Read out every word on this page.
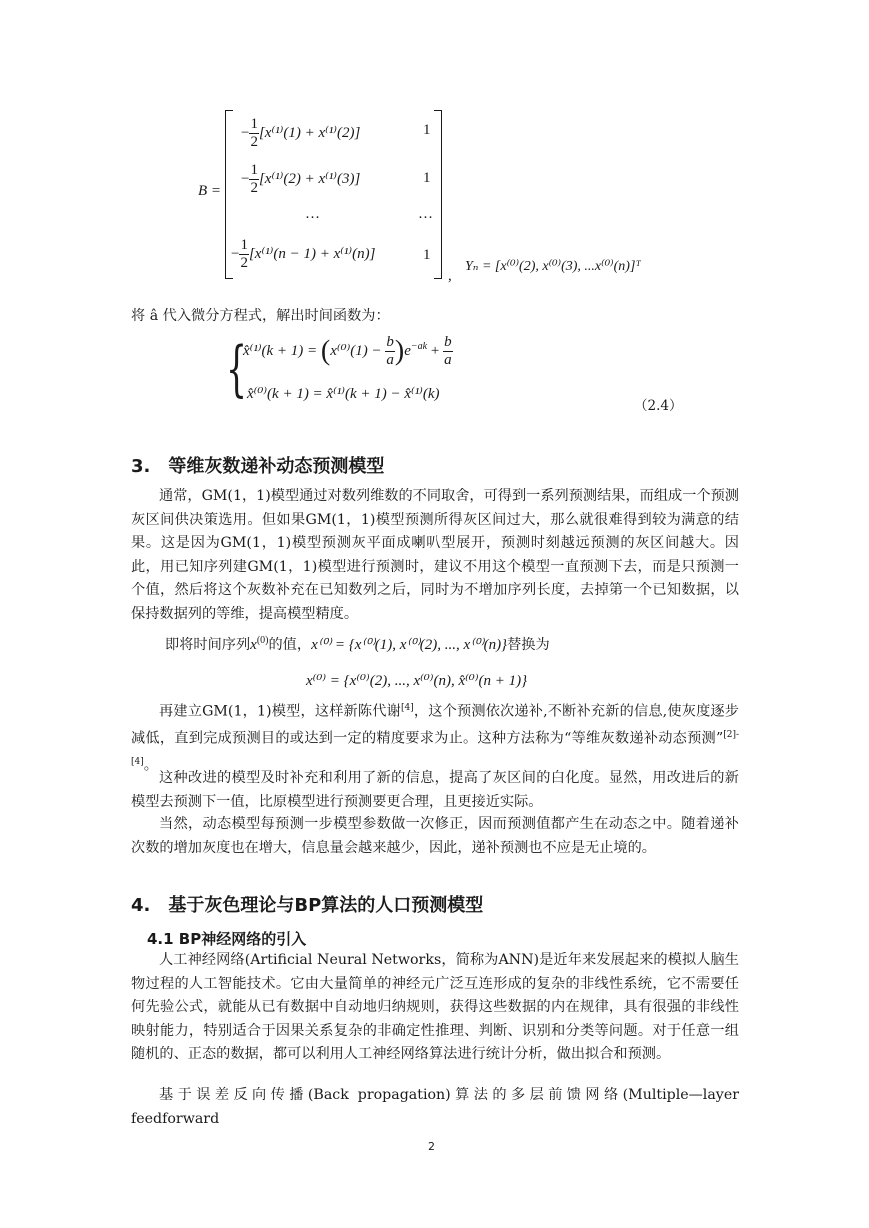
B =
− $\frac{1}{2} [x^{(1)}(1) + x^{(1)}(2)]$	1
− $\frac{1}{2} [x^{(1)}(2) + x^{(1)}(3)]$	1
…	…
− $\frac{1}{2} [x^{(1)}(n - 1) + x^{(1)}(n)]$	1
,
Yₙ = [x⁽⁰⁾(2), x⁽⁰⁾(3), ...x⁽⁰⁾(n)]ᵀ

将 â 代入微分方程式，解出时间函数为：

{
x̂⁽¹⁾(k + $1) = (x^{(0)}(1) - \frac{b}{a} )e^{-ak} + \frac{b}{a}$
x̂⁽⁰⁾(k + 1) = x̂⁽¹⁾(k + 1) − x̂⁽¹⁾(k)
（2.4）
3.　等维灰数递补动态预测模型

通常，GM(1，1)模型通过对数列维数的不同取舍，可得到一系列预测结果，而组成一个预测灰区间供决策选用。但如果GM(1，1)模型预测所得灰区间过大，那么就很难得到较为满意的结果。这是因为GM(1，1)模型预测灰平面成喇叭型展开，预测时刻越远预测的灰区间越大。因此，用已知序列建GM(1，1)模型进行预测时，建议不用这个模型一直预测下去，而是只预测一个值，然后将这个灰数补充在已知数列之后，同时为不增加序列长度，去掉第一个已知数据，以保持数据列的等维，提高模型精度。

即将时间序列$x^{(0)}$的值，x⁽⁰⁾ = {x⁽⁰⁾(1), x⁽⁰⁾(2), ..., x⁽⁰⁾(n)}替换为
x⁽⁰⁾ = {x⁽⁰⁾(2), ..., x⁽⁰⁾(n), x̂⁽⁰⁾(n + 1)}

再建立GM(1，1)模型，这样新陈代谢[4]，这个预测依次递补,不断补充新的信息,使灰度逐步减低，直到完成预测目的或达到一定的精度要求为止。这种方法称为“等维灰数递补动态预测”[2]-[4]。

这种改进的模型及时补充和利用了新的信息，提高了灰区间的白化度。显然，用改进后的新模型去预测下一值，比原模型进行预测要更合理，且更接近实际。

当然，动态模型每预测一步模型参数做一次修正，因而预测值都产生在动态之中。随着递补次数的增加灰度也在增大，信息量会越来越少，因此，递补预测也不应是无止境的。

4.　基于灰色理论与BP算法的人口预测模型
4.1 BP神经网络的引入

人工神经网络(Artificial Neural Networks，简称为ANN)是近年来发展起来的模拟人脑生物过程的人工智能技术。它由大量简单的神经元广泛互连形成的复杂的非线性系统，它不需要任何先验公式，就能从已有数据中自动地归纳规则，获得这些数据的内在规律，具有很强的非线性映射能力，特别适合于因果关系复杂的非确定性推理、判断、识别和分类等问题。对于任意一组随机的、正态的数据，都可以利用人工神经网络算法进行统计分析，做出拟合和预测。

基于误差反向传播(Back propagation)算法的多层前馈网络(Multiple—layer feedforward

2
